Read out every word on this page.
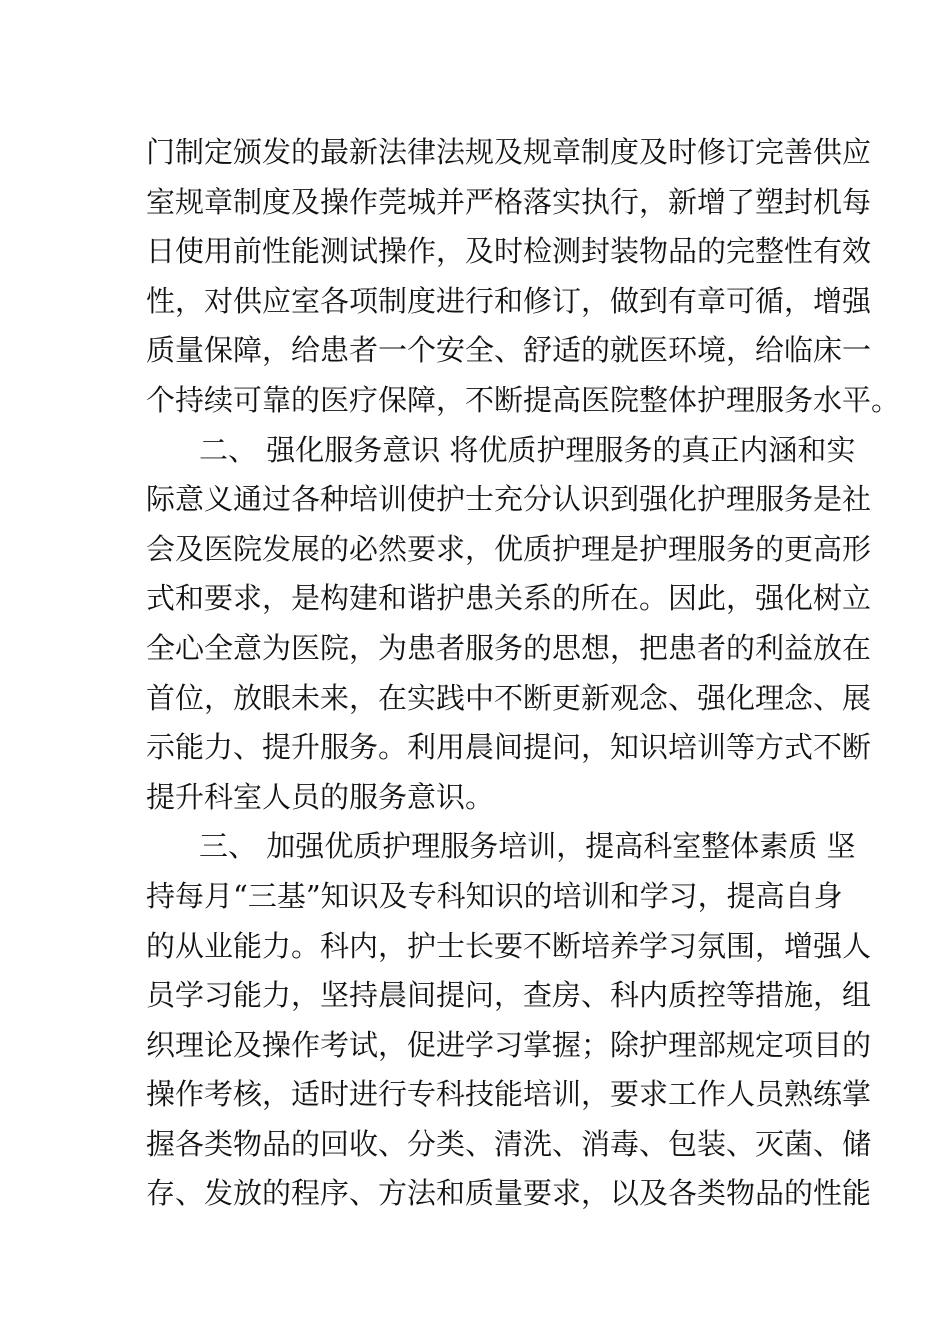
门制定颁发的最新法律法规及规章制度及时修订完善供应
室规章制度及操作莞城并严格落实执行，新增了塑封机每
日使用前性能测试操作，及时检测封装物品的完整性有效
性，对供应室各项制度进行和修订，做到有章可循，增强
质量保障，给患者一个安全、舒适的就医环境，给临床一
个持续可靠的医疗保障，不断提高医院整体护理服务水平。
二、 强化服务意识 将优质护理服务的真正内涵和实
际意义通过各种培训使护士充分认识到强化护理服务是社
会及医院发展的必然要求，优质护理是护理服务的更高形
式和要求，是构建和谐护患关系的所在。因此，强化树立
全心全意为医院，为患者服务的思想，把患者的利益放在
首位，放眼未来，在实践中不断更新观念、强化理念、展
示能力、提升服务。利用晨间提问，知识培训等方式不断
提升科室人员的服务意识。
三、 加强优质护理服务培训，提高科室整体素质 坚
持每月“三基”知识及专科知识的培训和学习，提高自身
的从业能力。科内，护士长要不断培养学习氛围，增强人
员学习能力，坚持晨间提问，查房、科内质控等措施，组
织理论及操作考试，促进学习掌握；除护理部规定项目的
操作考核，适时进行专科技能培训，要求工作人员熟练掌
握各类物品的回收、分类、清洗、消毒、包装、灭菌、储
存、发放的程序、方法和质量要求，以及各类物品的性能
